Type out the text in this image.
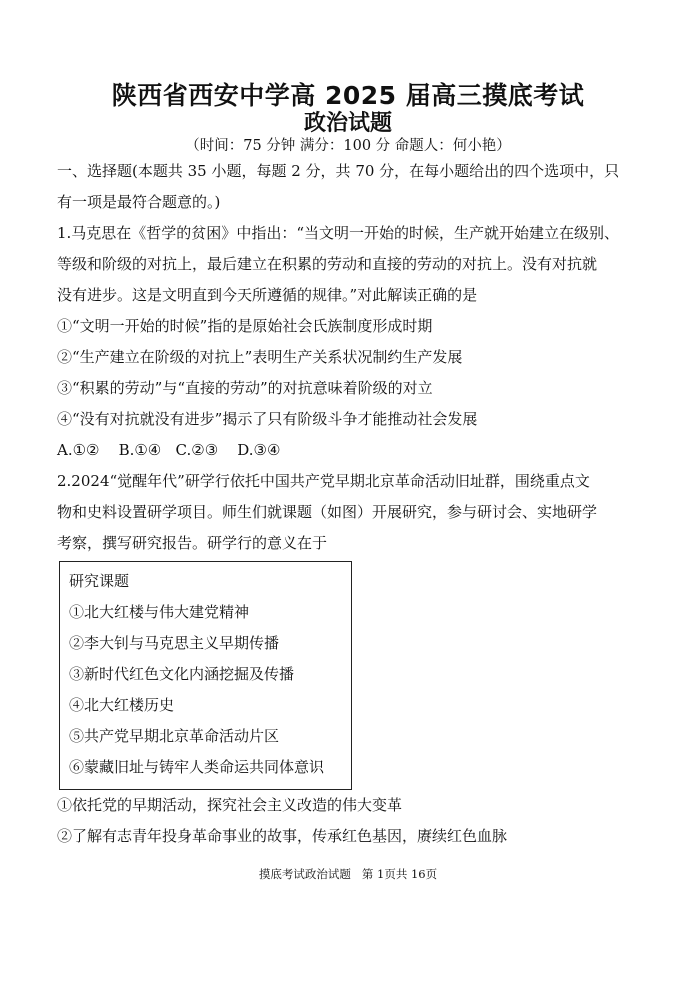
陕西省西安中学高 2025 届高三摸底考试
政治试题
（时间：75 分钟 满分：100 分 命题人：何小艳）

一、选择题(本题共 35 小题，每题 2 分，共 70 分，在每小题给出的四个选项中，只

有一项是最符合题意的。)

1.马克思在《哲学的贫困》中指出：“当文明一开始的时候，生产就开始建立在级别、

等级和阶级的对抗上，最后建立在积累的劳动和直接的劳动的对抗上。没有对抗就

没有进步。这是文明直到今天所遵循的规律。”对此解读正确的是

①“文明一开始的时候”指的是原始社会氏族制度形成时期

②“生产建立在阶级的对抗上”表明生产关系状况制约生产发展

③“积累的劳动”与“直接的劳动”的对抗意味着阶级的对立

④“没有对抗就没有进步”揭示了只有阶级斗争才能推动社会发展

A.①②    B.①④   C.②③    D.③④

2.2024“觉醒年代”研学行依托中国共产党早期北京革命活动旧址群，围绕重点文

物和史料设置研学项目。师生们就课题（如图）开展研究，参与研讨会、实地研学

考察，撰写研究报告。研学行的意义在于

研究课题
①北大红楼与伟大建党精神
②李大钊与马克思主义早期传播
③新时代红色文化内涵挖掘及传播
④北大红楼历史
⑤共产党早期北京革命活动片区
⑥蒙藏旧址与铸牢人类命运共同体意识

①依托党的早期活动，探究社会主义改造的伟大变革

②了解有志青年投身革命事业的故事，传承红色基因，赓续红色血脉

摸底考试政治试题   第 1页共 16页
